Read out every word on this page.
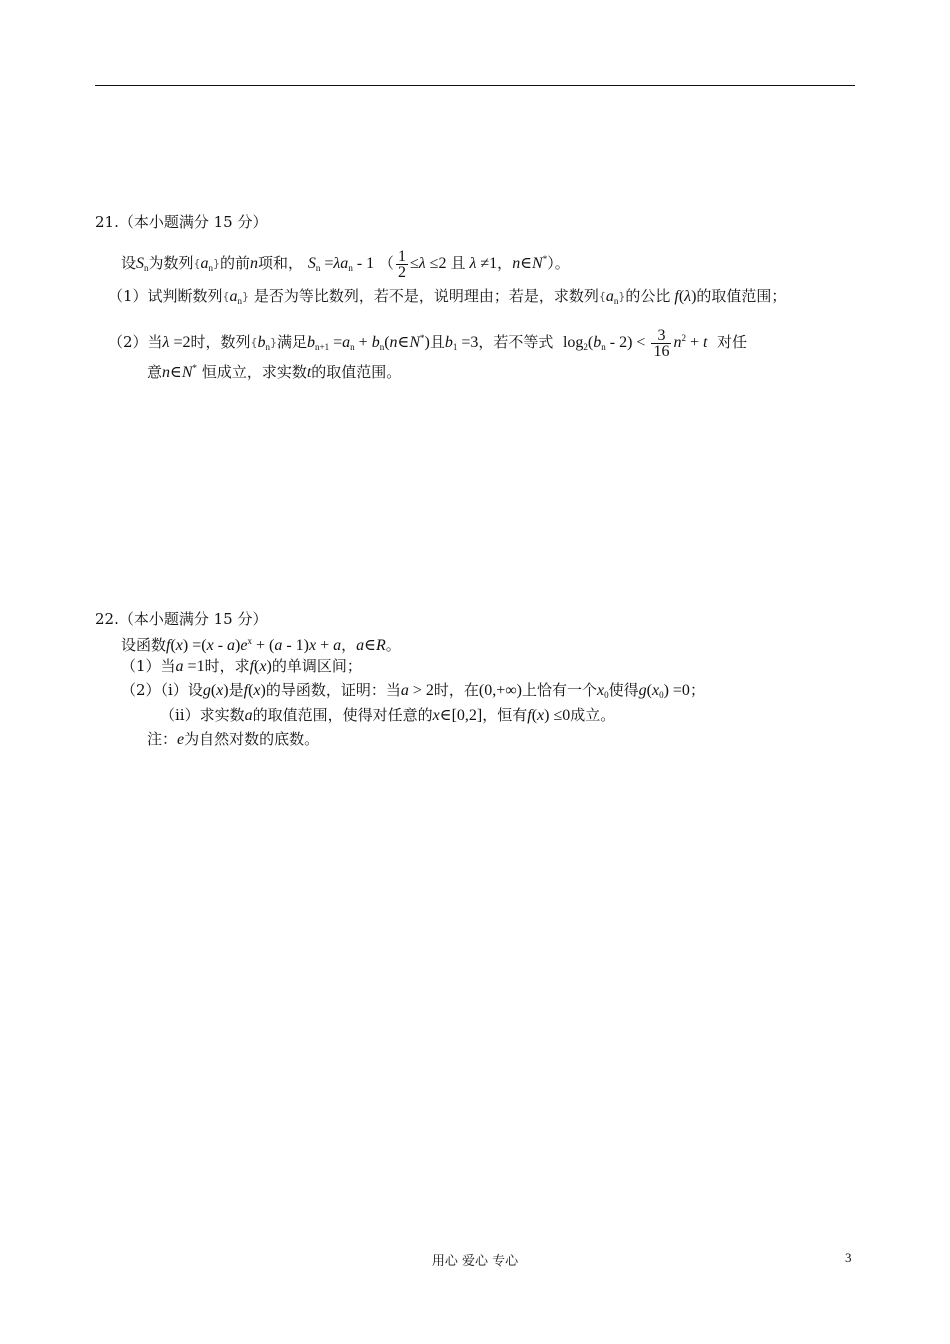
21.（本小题满分 15 分）
设$S_n$为数列$\{a_n\}$的前n项和， $S_n =\lambda a_n - 1$ （ $\frac{1}{2} \le\lambda \le 2$ 且 λ ≠1，n∈N*）。
（1）试判断数列$\{a_n\}$ 是否为等比数列，若不是，说明理由；若是，求数列$\{a_n\}$的公比 f(λ)的取值范围；
（2）当λ =2时，数列$\{b_n\}$满足$b_{n+1} =a_n$ + $b_n(n\in N^*)$且$b_1 =3$，若不等式 $\log_2(b_n - 2) < \frac{3}{16} n^2 + t$ 对任
意n∈N* 恒成立，求实数t的取值范围。
22.（本小题满分 15 分）
设函数$f(x) =(x - a)e^x + (a - 1)x + a$，a∈R。
（1）当a =1时，求f(x)的单调区间；
（2）（i）设g(x)是f(x)的导函数，证明：当a > 2时，在(0,+∞)上恰有一个$x_0$使得$g(x_0) =0$；
（ii）求实数a的取值范围，使得对任意的x∈[0,2]，恒有f(x) ≤0成立。
注：e为自然对数的底数。
用心 爱心 专心	3
